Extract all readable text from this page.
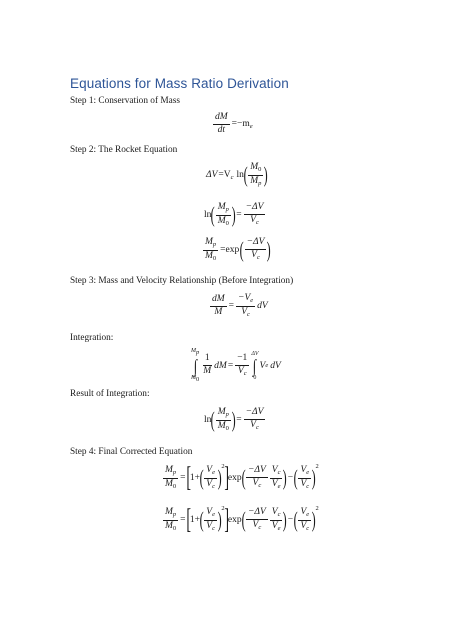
Equations for Mass Ratio Derivation
Step 1: Conservation of Mass
$\frac{dM}{dt} =-m_e$
Step 2: The Rocket Equation
$\Delta V =V_c$ ln ( $\frac{M_0}{M_p}$ )
ln ( $\frac{M_p}{M_0}$ ) = $\frac{-\Delta V}{V_c}$
$\frac{M_p}{M_0} =\exp$ ( $\frac{-\Delta V}{V_c}$ )
Step 3: Mass and Velocity Relationship (Before Integration)
$\frac{dM}{M} = \frac{-V_e}{V_c}$ dV
Integration:
$M_p$
∫
$M_0$
$\frac{1}{M}$ dM = $\frac{-1}{V_c}$
ΔV
∫
0
V e dV
Result of Integration:
ln ( $\frac{M_p}{M_0}$ ) = $\frac{-\Delta V}{V_c}$
Step 4: Final Corrected Equation
$\frac{M_p}{M_0}$ = [ 1+ ( $\frac{V_e}{V_c}$ ) 2 ] exp ( $\frac{-\Delta V}{V_c} \frac{V_c}{V_e}$ ) − ( $\frac{V_e}{V_c}$ ) 2
$\frac{M_p}{M_0}$ = [ 1+ ( $\frac{V_e}{V_c}$ ) 2 ] exp ( $\frac{-\Delta V}{V_c} \frac{V_c}{V_e}$ ) − ( $\frac{V_e}{V_c}$ ) 2
